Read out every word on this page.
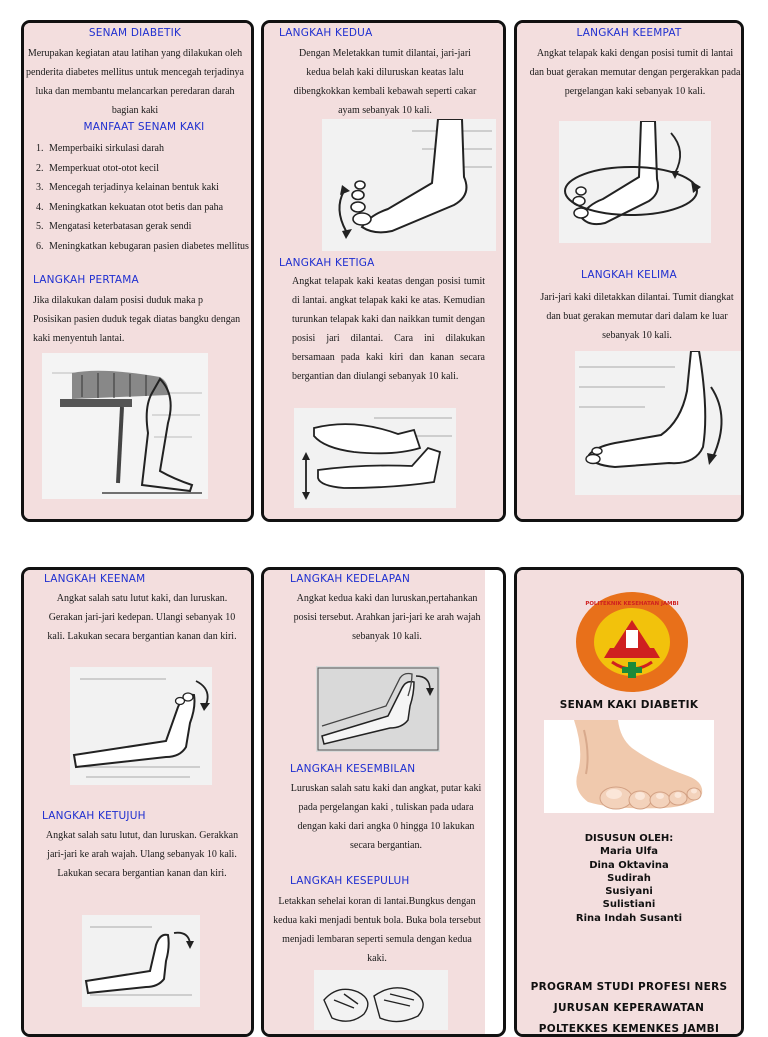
SENAM DIABETIK
Merupakan kegiatan atau latihan yang dilakukan oleh penderita diabetes mellitus untuk mencegah terjadinya luka dan membantu melancarkan peredaran darah bagian kaki
MANFAAT SENAM KAKI
1. Memperbaiki sirkulasi darah
2. Memperkuat otot-otot kecil
3. Mencegah terjadinya kelainan bentuk kaki
4. Meningkatkan kekuatan otot betis dan paha
5. Mengatasi keterbatasan gerak sendi
6. Meningkatkan kebugaran pasien diabetes mellitus
LANGKAH PERTAMA
Jika dilakukan dalam posisi duduk maka p Posisikan pasien duduk tegak diatas bangku dengan kaki menyentuh lantai.
LANGKAH KEDUA
Dengan Meletakkan tumit dilantai, jari-jari kedua belah kaki diluruskan keatas lalu dibengkokkan kembali kebawah seperti cakar ayam sebanyak 10 kali.
LANGKAH KETIGA
Angkat telapak kaki keatas dengan posisi tumit di lantai. angkat telapak kaki ke atas. Kemudian turunkan telapak kaki dan naikkan tumit dengan posisi jari dilantai. Cara ini dilakukan bersamaan pada kaki kiri dan kanan secara bergantian dan diulangi sebanyak 10 kali.
LANGKAH KEEMPAT
Angkat telapak kaki dengan posisi tumit di lantai dan buat gerakan memutar dengan pergerakkan pada pergelangan kaki sebanyak 10 kali.
LANGKAH KELIMA
Jari-jari kaki diletakkan dilantai. Tumit diangkat dan buat gerakan memutar dari dalam ke luar sebanyak 10 kali.
LANGKAH KEENAM
Angkat salah satu lutut kaki, dan luruskan. Gerakan jari-jari kedepan. Ulangi sebanyak 10 kali. Lakukan secara bergantian kanan dan kiri.
LANGKAH KETUJUH
Angkat salah satu lutut, dan luruskan. Gerakkan jari-jari ke arah wajah. Ulang sebanyak 10 kali. Lakukan secara bergantian kanan dan kiri.
LANGKAH KEDELAPAN
Angkat kedua kaki dan luruskan,pertahankan posisi tersebut. Arahkan jari-jari ke arah wajah sebanyak 10 kali.
LANGKAH KESEMBILAN
Luruskan salah satu kaki dan angkat, putar kaki pada pergelangan kaki , tuliskan pada udara dengan kaki dari angka 0 hingga 10 lakukan secara bergantian.
LANGKAH KESEPULUH
Letakkan sehelai koran di lantai.Bungkus dengan kedua kaki menjadi bentuk bola. Buka bola tersebut menjadi lembaran seperti semula dengan kedua kaki.
POLITEKNIK KESEHATAN JAMBI
SENAM KAKI DIABETIK
DISUSUN OLEH:
Maria Ulfa
Dina Oktavina
Sudirah
Susiyani
Sulistiani
Rina Indah Susanti
PROGRAM STUDI PROFESI NERS
JURUSAN KEPERAWATAN
POLTEKKES KEMENKES JAMBI
